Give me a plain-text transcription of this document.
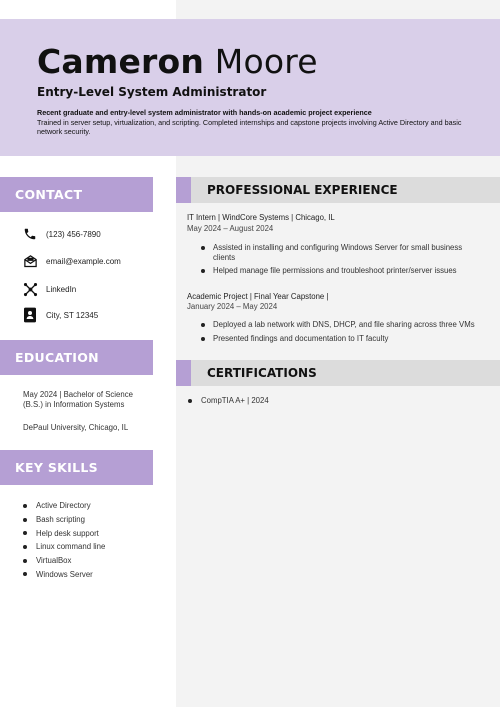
Cameron Moore
Entry-Level System Administrator
Recent graduate and entry-level system administrator with hands-on academic project experience
Trained in server setup, virtualization, and scripting. Completed internships and capstone projects involving Active Directory and basic network security.
CONTACT
(123) 456-7890
email@example.com
LinkedIn
City, ST 12345
EDUCATION
May 2024 | Bachelor of Science (B.S.) in Information Systems
DePaul University, Chicago, IL
KEY SKILLS
Active Directory
Bash scripting
Help desk support
Linux command line
VirtualBox
Windows Server
PROFESSIONAL EXPERIENCE
IT Intern | WindCore Systems | Chicago, IL
May 2024 – August 2024
Assisted in installing and configuring Windows Server for small business clients
Helped manage file permissions and troubleshoot printer/server issues
Academic Project | Final Year Capstone |
January 2024 – May 2024
Deployed a lab network with DNS, DHCP, and file sharing across three VMs
Presented findings and documentation to IT faculty
CERTIFICATIONS
CompTIA A+ | 2024
